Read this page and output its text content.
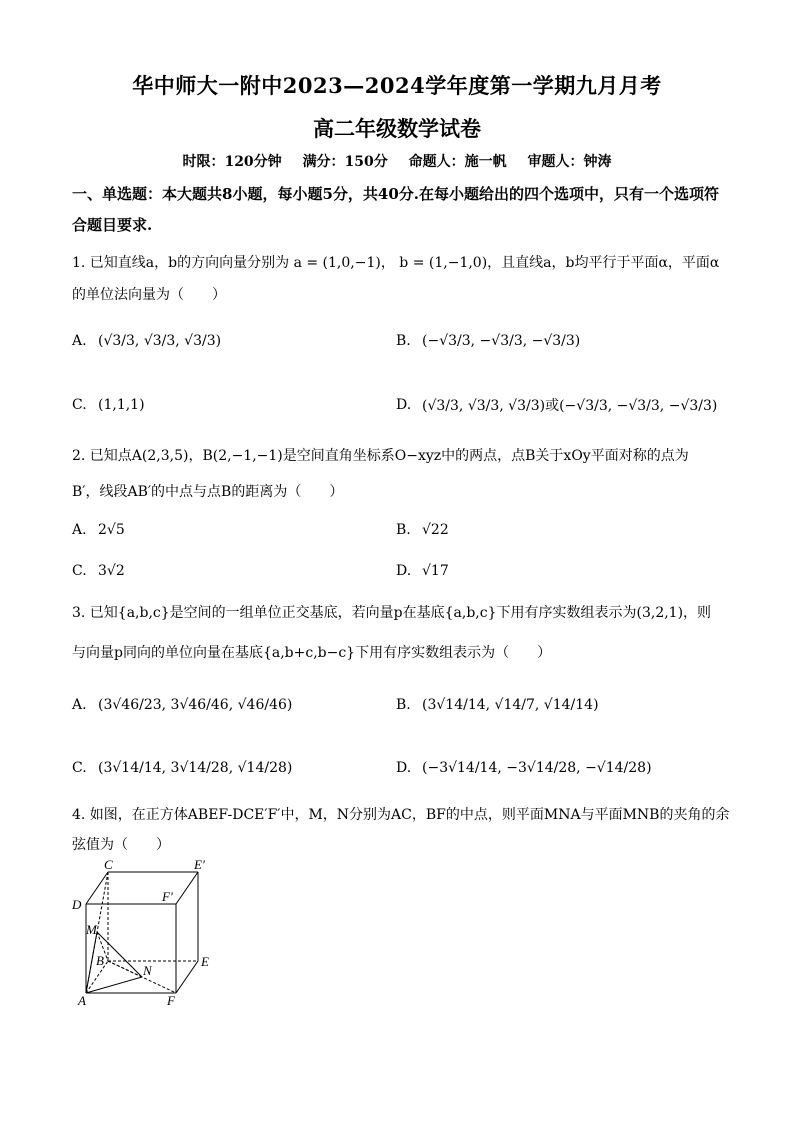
华中师大一附中2023—2024学年度第一学期九月月考
高二年级数学试卷
时限：120分钟 满分：150分 命题人：施一帆 审题人：钟涛
一、单选题：本大题共8小题，每小题5分，共40分.在每小题给出的四个选项中，只有一个选项符合题目要求.
1. 已知直线a，b的方向向量分别为 a = (1,0,−1)， b = (1,−1,0)，且直线a，b均平行于平面α，平面α
的单位法向量为（　　）
A. (√3/3, √3/3, √3/3)	B. (−√3/3, −√3/3, −√3/3)
C. (1,1,1)	D. (√3/3, √3/3, √3/3)或(−√3/3, −√3/3, −√3/3)
2. 已知点A(2,3,5)，B(2,−1,−1)是空间直角坐标系O−xyz中的两点，点B关于xOy平面对称的点为
B′，线段AB′的中点与点B的距离为（　　）
A. 2√5	B. √22
C. 3√2	D. √17
3. 已知{a,b,c}是空间的一组单位正交基底，若向量p在基底{a,b,c}下用有序实数组表示为(3,2,1)，则
与向量p同向的单位向量在基底{a,b+c,b−c}下用有序实数组表示为（　　）
A. (3√46/23, 3√46/46, √46/46)	B. (3√14/14, √14/7, √14/14)
C. (3√14/14, 3√14/28, √14/28)	D. (−3√14/14, −3√14/28, −√14/28)
4. 如图，在正方体ABEF-DCE′F′中，M，N分别为AC，BF的中点，则平面MNA与平面MNB的夹角的余
弦值为（　　）
C	E′
D
F′
M
B
N
E
A	F
